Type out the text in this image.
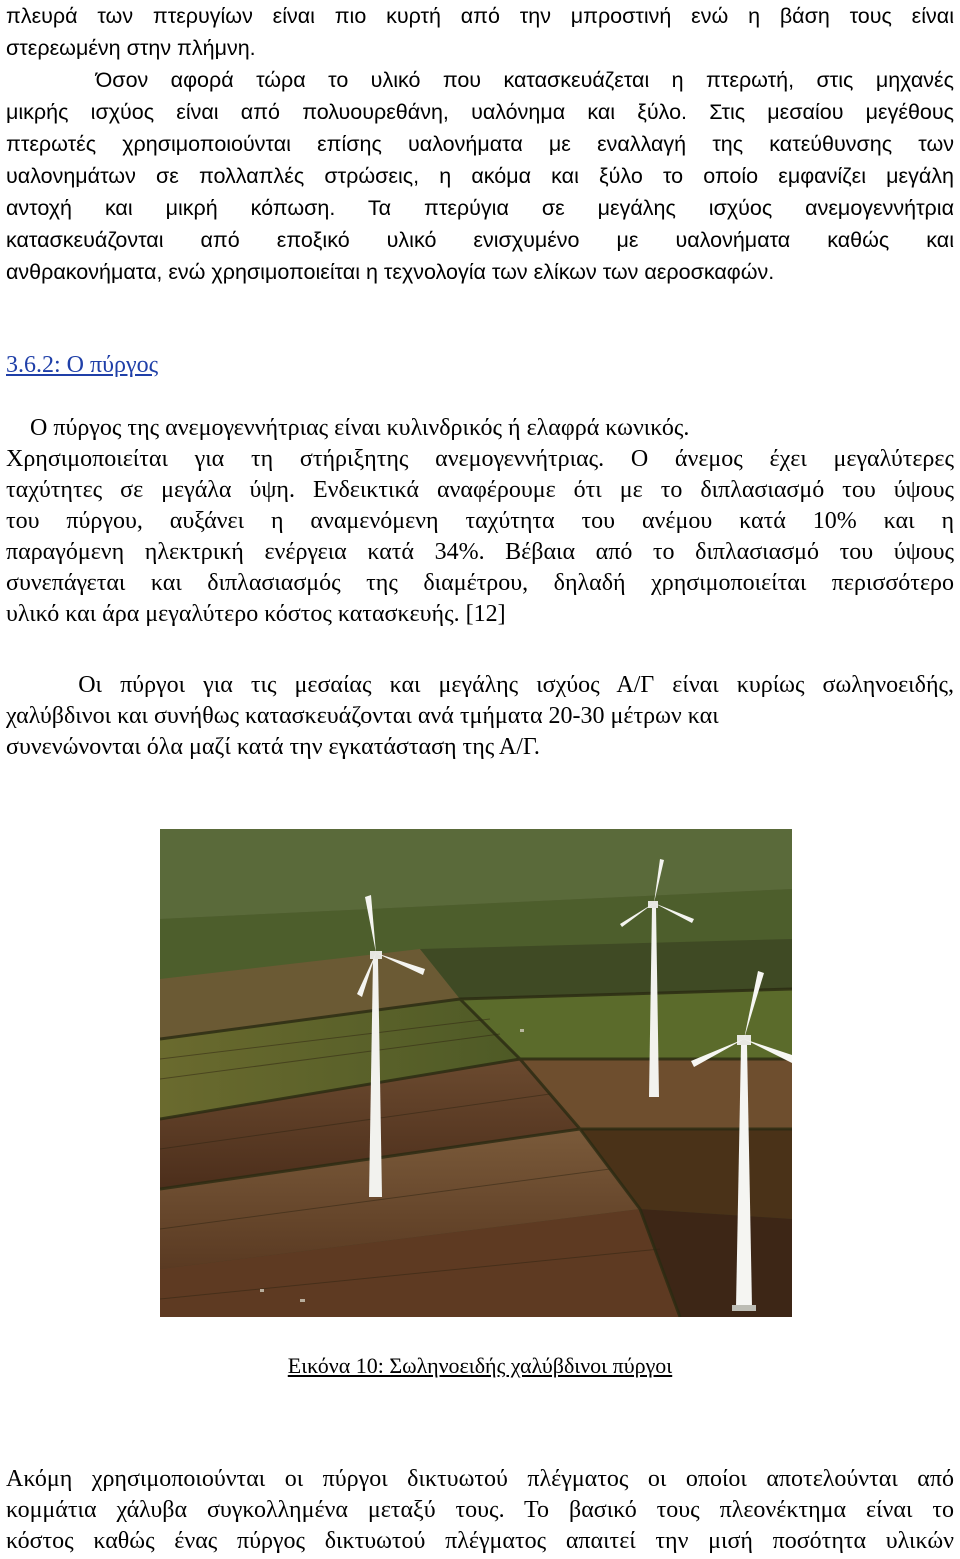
πλευρά των πτερυγίων είναι πιο κυρτή από την μπροστινή ενώ η βάση τους είναι
στερεωμένη στην πλήμνη.
Όσον αφορά τώρα το υλικό που κατασκευάζεται η πτερωτή, στις μηχανές
μικρής ισχύος είναι από πολυουρεθάνη, υαλόνημα και ξύλο. Στις μεσαίου μεγέθους
πτερωτές χρησιμοποιούνται επίσης υαλονήματα με εναλλαγή της κατεύθυνσης των
υαλονημάτων σε πολλαπλές στρώσεις, η ακόμα και ξύλο το οποίο εμφανίζει μεγάλη
αντοχή και μικρή κόπωση. Τα πτερύγια σε μεγάλης ισχύος ανεμογεννήτρια
κατασκευάζονται από εποξικό υλικό ενισχυμένο με υαλονήματα καθώς και
ανθρακονήματα, ενώ χρησιμοποιείται η τεχνολογία των ελίκων των αεροσκαφών.
3.6.2: Ο πύργος
Ο πύργος της ανεμογεννήτριας είναι κυλινδρικός ή ελαφρά κωνικός.
Χρησιμοποιείται για τη στήριξητης ανεμογεννήτριας. Ο άνεμος έχει μεγαλύτερες
ταχύτητες σε μεγάλα ύψη. Ενδεικτικά αναφέρουμε ότι με το διπλασιασμό του ύψους
του πύργου, αυξάνει η αναμενόμενη ταχύτητα του ανέμου κατά 10% και η
παραγόμενη ηλεκτρική ενέργεια κατά 34%. Βέβαια από το διπλασιασμό του ύψους
συνεπάγεται και διπλασιασμός της διαμέτρου, δηλαδή χρησιμοποιείται περισσότερο
υλικό και άρα μεγαλύτερο κόστος κατασκευής. [12]
Οι πύργοι για τις μεσαίας και μεγάλης ισχύος Α/Γ είναι κυρίως σωληνοειδής,
χαλύβδινοι και συνήθως κατασκευάζονται ανά τμήματα 20-30 μέτρων και
συνενώνονται όλα μαζί κατά την εγκατάσταση της Α/Γ.
Εικόνα 10: Σωληνοειδής χαλύβδινοι πύργοι
Ακόμη χρησιμοποιούνται οι πύργοι δικτυωτού πλέγματος οι οποίοι αποτελούνται από
κομμάτια χάλυβα συγκολλημένα μεταξύ τους. Το βασικό τους πλεονέκτημα είναι το
κόστος καθώς ένας πύργος δικτυωτού πλέγματος απαιτεί την μισή ποσότητα υλικών
